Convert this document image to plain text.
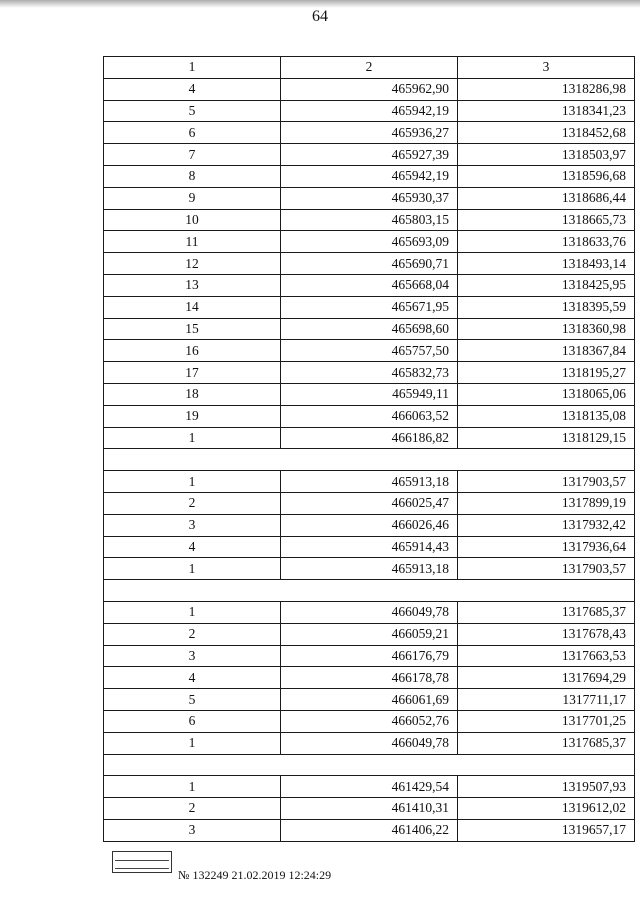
64
1	2	3
4	465962,90	1318286,98
5	465942,19	1318341,23
6	465936,27	1318452,68
7	465927,39	1318503,97
8	465942,19	1318596,68
9	465930,37	1318686,44
10	465803,15	1318665,73
11	465693,09	1318633,76
12	465690,71	1318493,14
13	465668,04	1318425,95
14	465671,95	1318395,59
15	465698,60	1318360,98
16	465757,50	1318367,84
17	465832,73	1318195,27
18	465949,11	1318065,06
19	466063,52	1318135,08
1	466186,82	1318129,15

1	465913,18	1317903,57
2	466025,47	1317899,19
3	466026,46	1317932,42
4	465914,43	1317936,64
1	465913,18	1317903,57

1	466049,78	1317685,37
2	466059,21	1317678,43
3	466176,79	1317663,53
4	466178,78	1317694,29
5	466061,69	1317711,17
6	466052,76	1317701,25
1	466049,78	1317685,37

1	461429,54	1319507,93
2	461410,31	1319612,02
3	461406,22	1319657,17
№ 132249 21.02.2019 12:24:29
